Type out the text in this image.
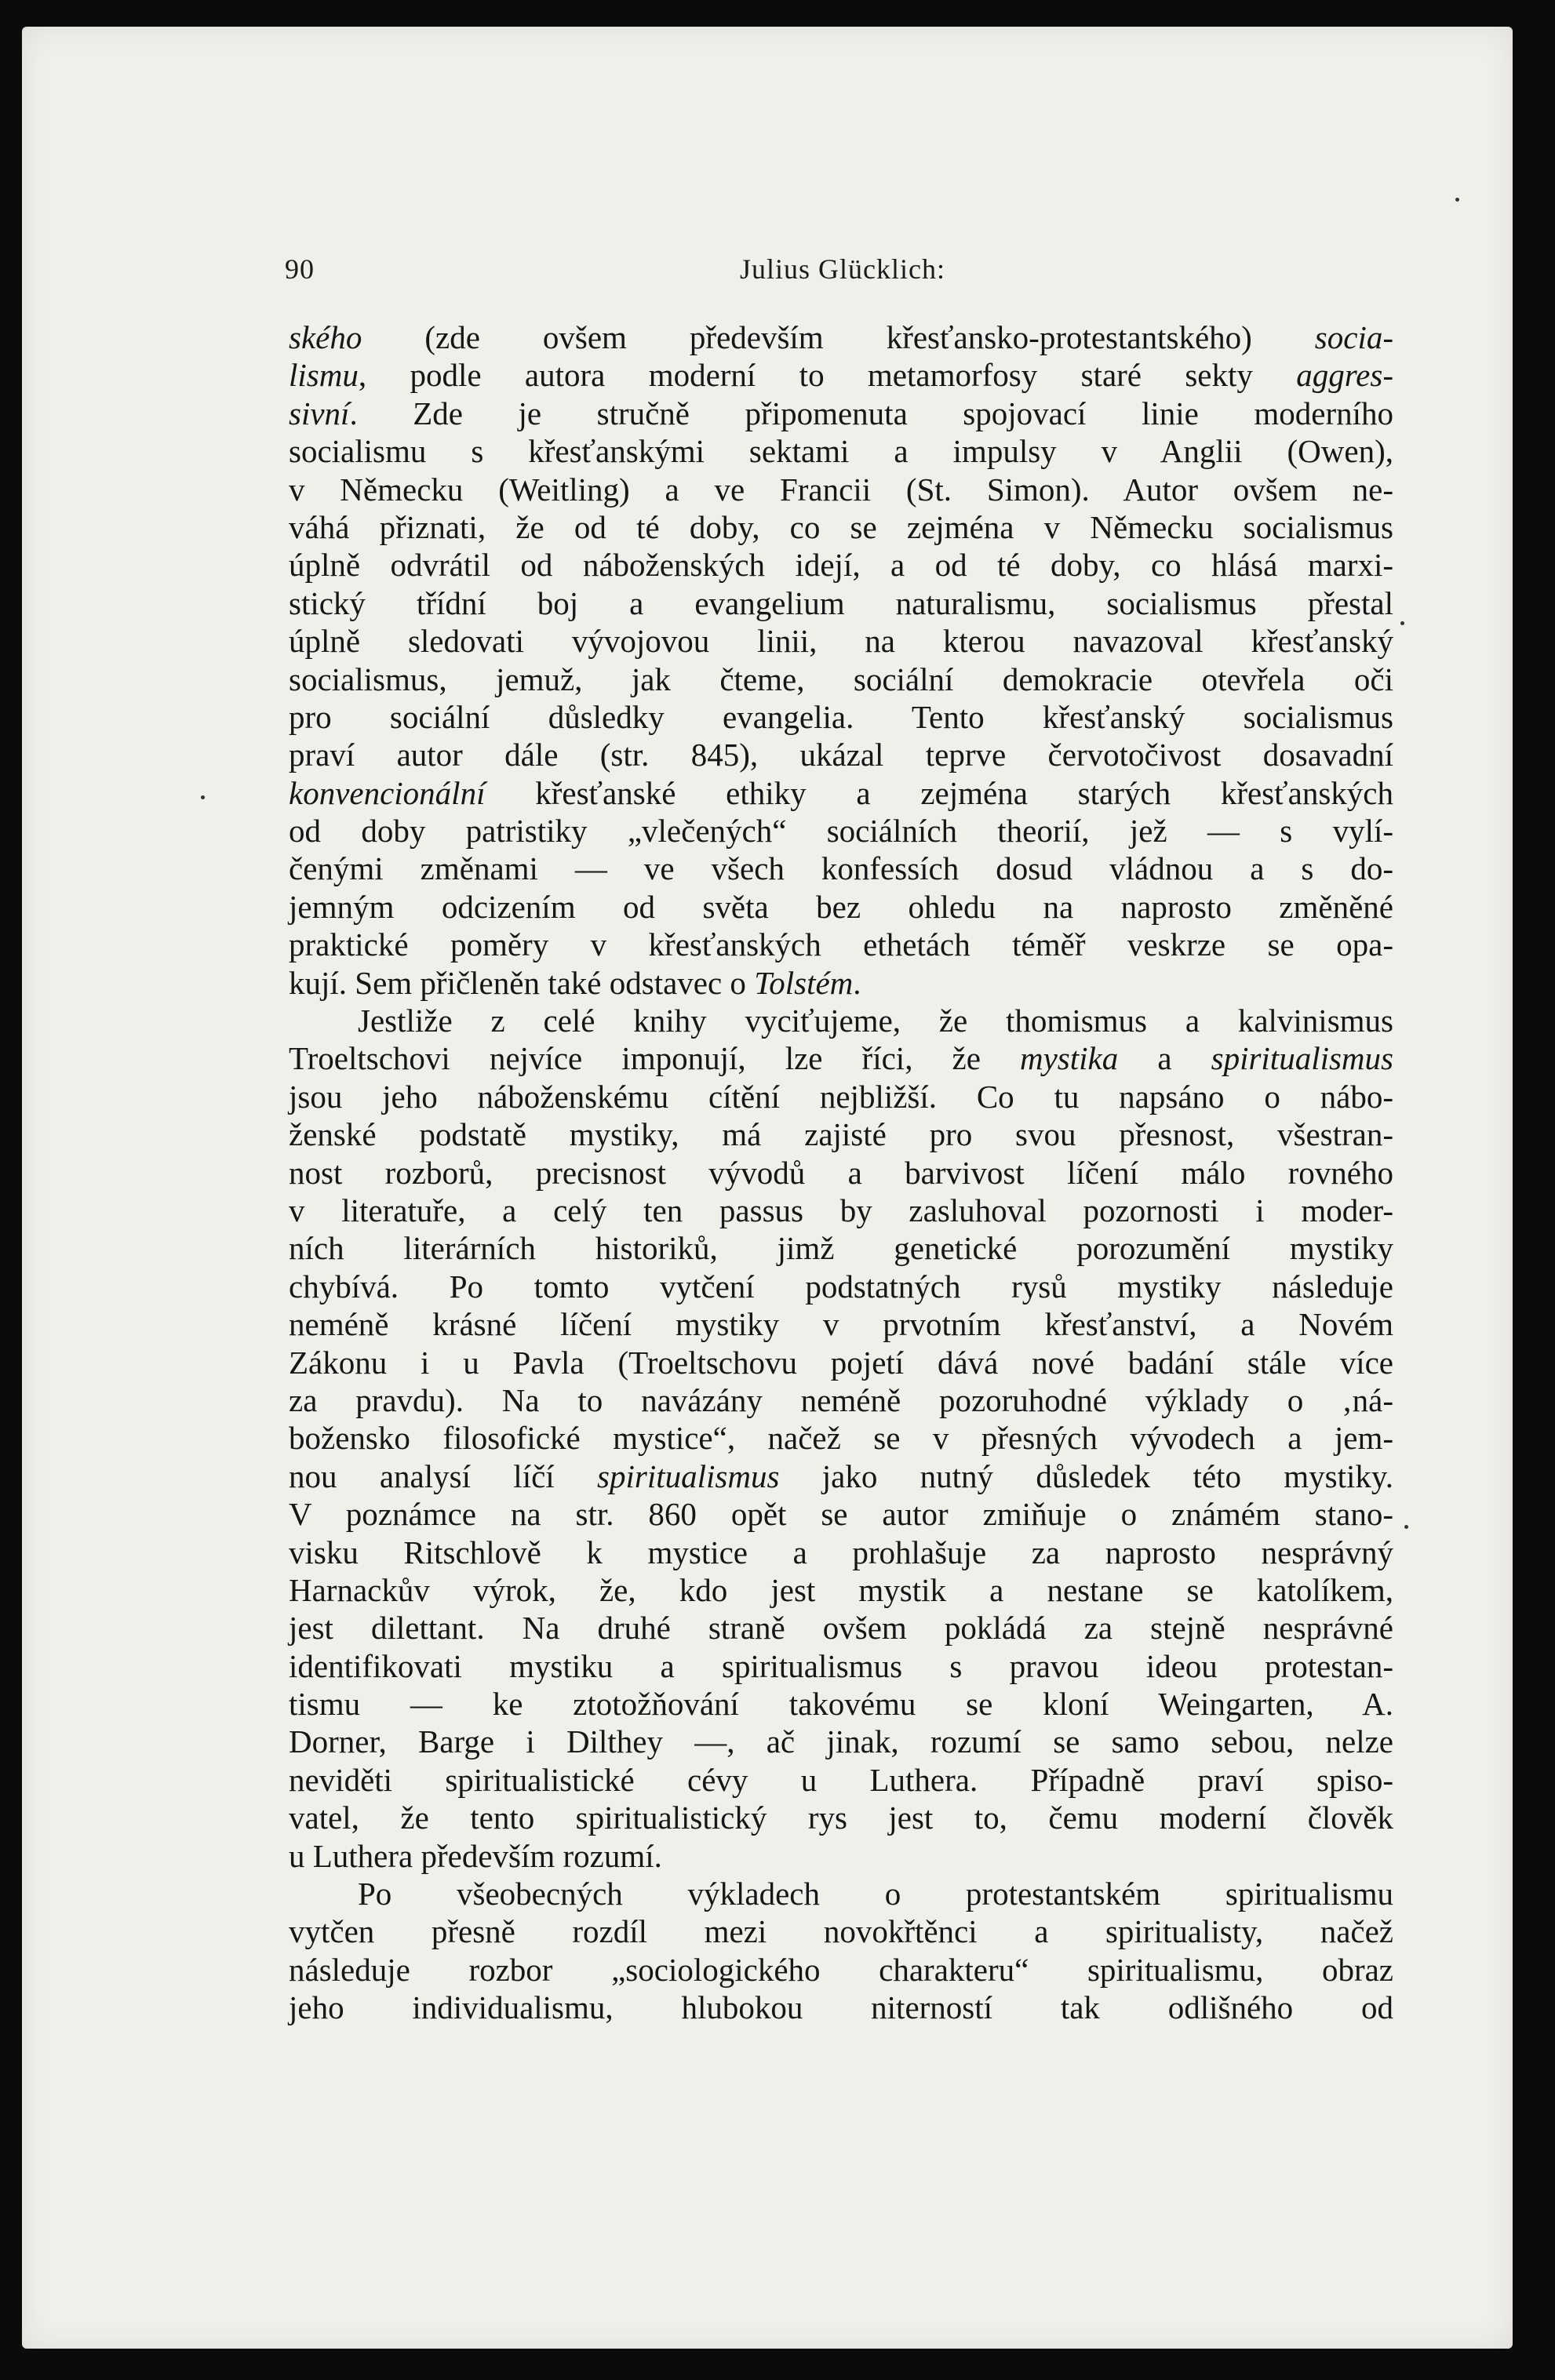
90	Julius Glücklich:
ského (zde ovšem především křesťansko-protestantského) socia-
lismu, podle autora moderní to metamorfosy staré sekty aggres-
sivní. Zde je stručně připomenuta spojovací linie moderního
socialismu s křesťanskými sektami a impulsy v Anglii (Owen),
v Německu (Weitling) a ve Francii (St. Simon). Autor ovšem ne-
váhá přiznati, že od té doby, co se zejména v Německu socialismus
úplně odvrátil od náboženských idejí, a od té doby, co hlásá marxi-
stický třídní boj a evangelium naturalismu, socialismus přestal
úplně sledovati vývojovou linii, na kterou navazoval křesťanský
socialismus, jemuž, jak čteme, sociální demokracie otevřela oči
pro sociální důsledky evangelia. Tento křesťanský socialismus
praví autor dále (str. 845), ukázal teprve červotočivost dosavadní
konvencionální křesťanské ethiky a zejména starých křesťanských
od doby patristiky „vlečených“ sociálních theorií, jež — s vylí-
čenými změnami — ve všech konfessích dosud vládnou a s do-
jemným odcizením od světa bez ohledu na naprosto změněné
praktické poměry v křesťanských ethetách téměř veskrze se opa-
kují. Sem přičleněn také odstavec o Tolstém.
Jestliže z celé knihy vyciťujeme, že thomismus a kalvinismus
Troeltschovi nejvíce imponují, lze říci, že mystika a spiritualismus
jsou jeho náboženskému cítění nejbližší. Co tu napsáno o nábo-
ženské podstatě mystiky, má zajisté pro svou přesnost, všestran-
nost rozborů, precisnost vývodů a barvivost líčení málo rovného
v literatuře, a celý ten passus by zasluhoval pozornosti i moder-
ních literárních historiků, jimž genetické porozumění mystiky
chybívá. Po tomto vytčení podstatných rysů mystiky následuje
neméně krásné líčení mystiky v prvotním křesťanství, a Novém
Zákonu i u Pavla (Troeltschovu pojetí dává nové badání stále více
za pravdu). Na to navázány neméně pozoruhodné výklady o ‚ná-
boženskо filosofické mystice“, načež se v přesných vývodech a jem-
nou analysí líčí spiritualismus jako nutný důsledek této mystiky.
V poznámce na str. 860 opět se autor zmiňuje o známém stano-
visku Ritschlově k mystice a prohlašuje za naprosto nesprávný
Harnackův výrok, že, kdo jest mystik a nestane se katolíkem,
jest dilettant. Na druhé straně ovšem pokládá za stejně nesprávné
identifikovati mystiku a spiritualismus s pravou ideou protestan-
tismu — ke ztotožňování takovému se kloní Weingarten, A.
Dorner, Barge i Dilthey —, ač jinak, rozumí se samo sebou, nelze
neviděti spiritualistické cévy u Luthera. Případně praví spiso-
vatel, že tento spiritualistický rys jest to, čemu moderní člověk
u Luthera především rozumí.
Po všeobecných výkladech o protestantském spiritualismu
vytčen přesně rozdíl mezi novokřtěnci a spiritualisty, načež
následuje rozbor „sociologického charakteru“ spiritualismu, obraz
jeho individualismu, hlubokou niterností tak odlišného od
